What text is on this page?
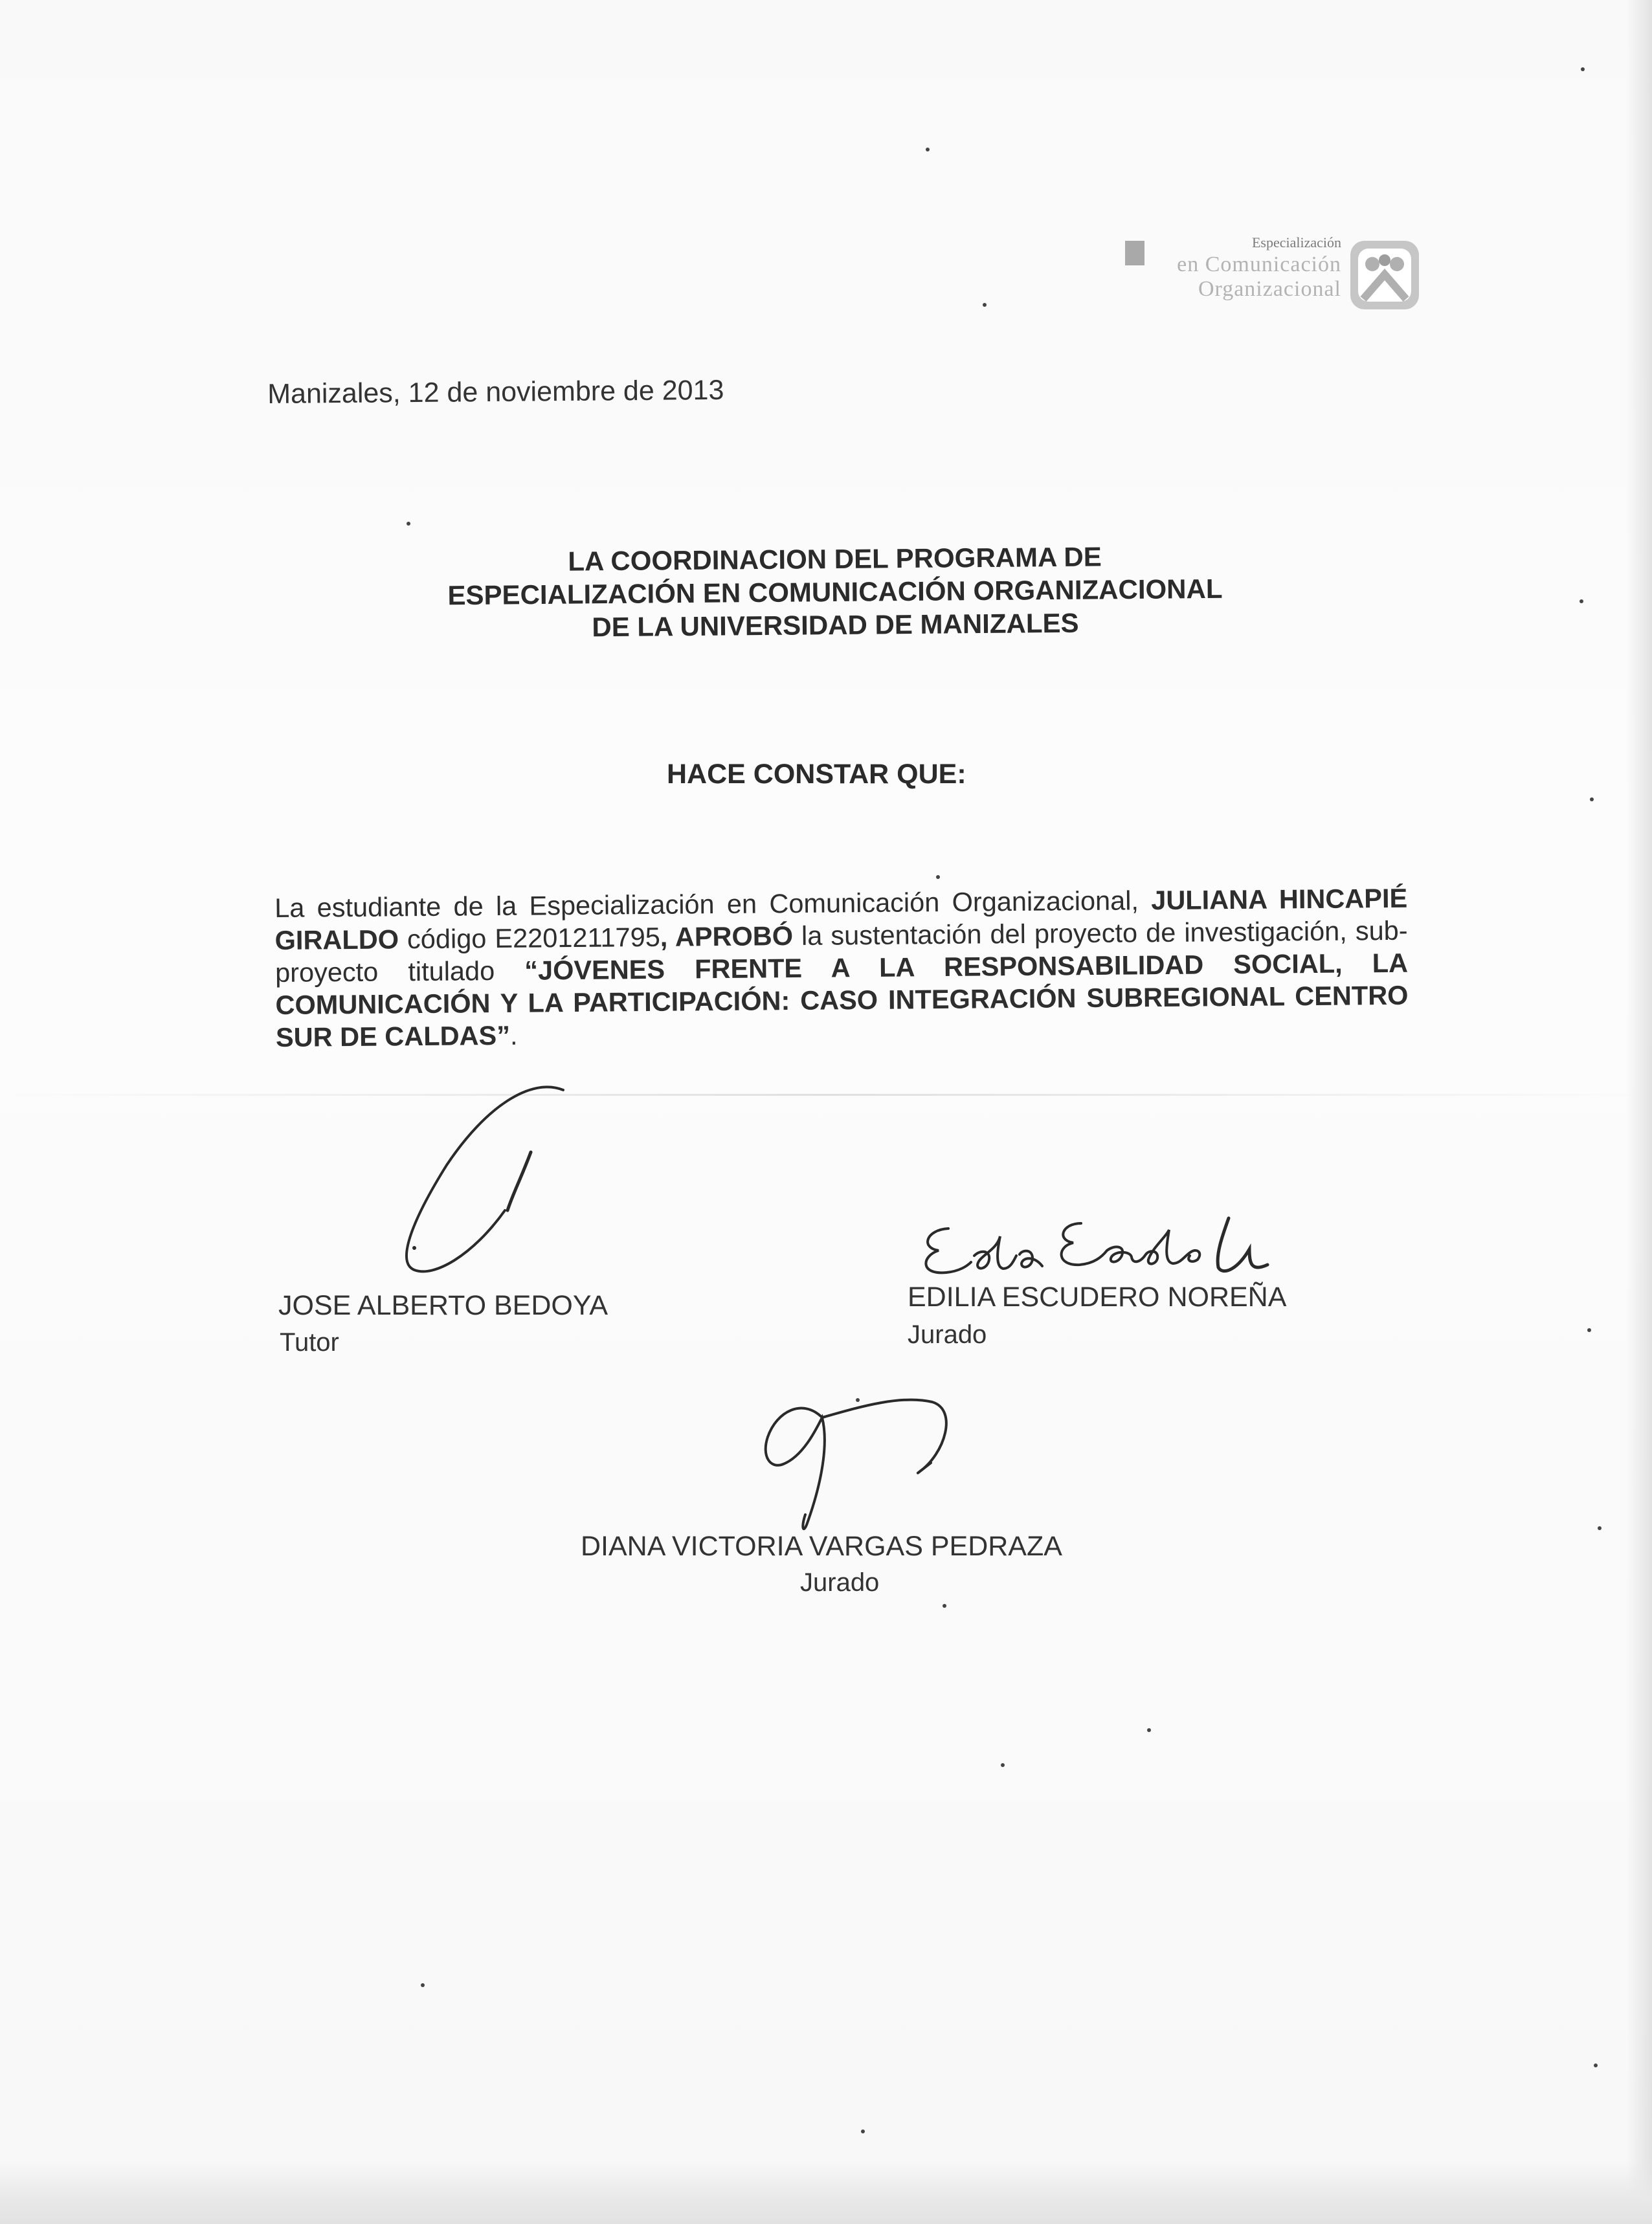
Especialización
en Comunicación
Organizacional
Manizales, 12 de noviembre de 2013
LA COORDINACION DEL PROGRAMA DE
ESPECIALIZACIÓN EN COMUNICACIÓN ORGANIZACIONAL
DE LA UNIVERSIDAD DE MANIZALES
HACE CONSTAR QUE:
La estudiante de la Especialización en Comunicación Organizacional, JULIANA HINCAPIÉ GIRALDO código E2201211795, APROBÓ la sustentación del proyecto de investigación, sub-proyecto titulado “JÓVENES FRENTE A LA RESPONSABILIDAD SOCIAL, LA COMUNICACIÓN Y LA PARTICIPACIÓN: CASO INTEGRACIÓN SUBREGIONAL CENTRO SUR DE CALDAS”.
JOSE ALBERTO BEDOYA
Tutor
EDILIA ESCUDERO NOREÑA
Jurado
DIANA VICTORIA VARGAS PEDRAZA
Jurado
